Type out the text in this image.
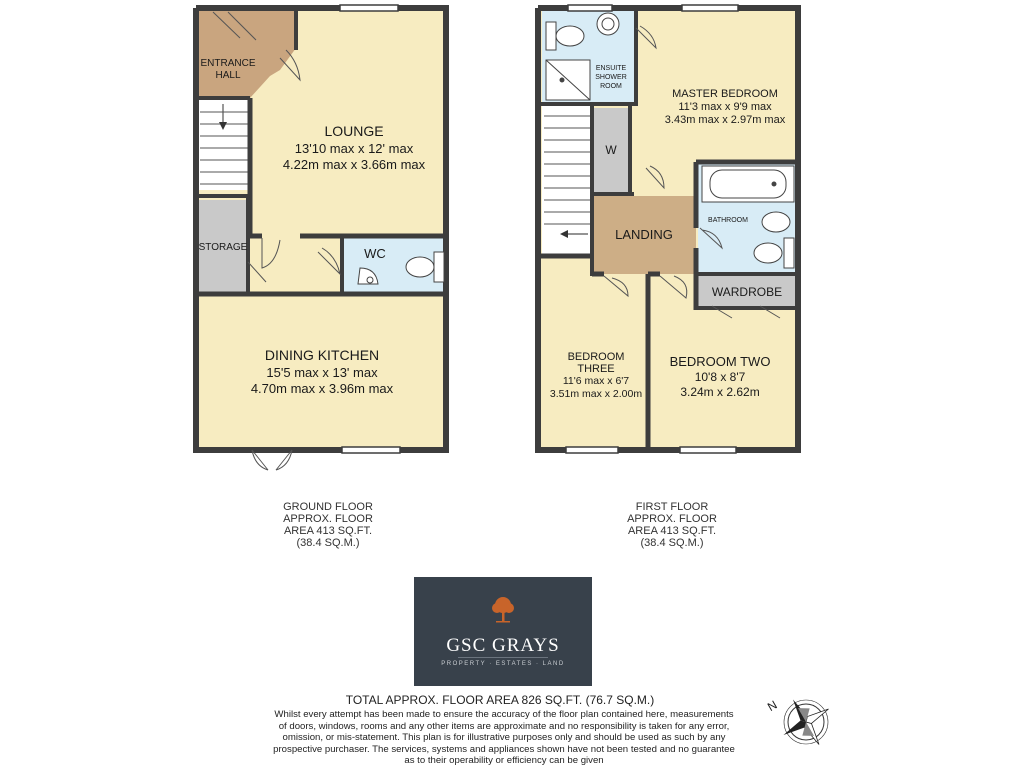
ENTRANCE
HALL
LOUNGE
13'10 max x 12' max
4.22m max x 3.66m max
STORAGE	WC
DINING KITCHEN
15'5 max x 13' max
4.70m max x 3.96m max
ENSUITE
SHOWER
ROOM
MASTER BEDROOM
11'3 max x 9'9 max
3.43m max x 2.97m max
W
LANDING
BATHROOM
WARDROBE
BEDROOM
THREE
11'6 max x 6'7
3.51m max x 2.00m
BEDROOM TWO
10'8 x 8'7
3.24m x 2.62m
N
GROUND FLOOR
APPROX. FLOOR
AREA 413 SQ.FT.
(38.4 SQ.M.)
FIRST FLOOR
APPROX. FLOOR
AREA 413 SQ.FT.
(38.4 SQ.M.)
GSC GRAYS
PROPERTY · ESTATES · LAND
TOTAL APPROX. FLOOR AREA 826 SQ.FT. (76.7 SQ.M.)
Whilst every attempt has been made to ensure the accuracy of the floor plan contained here, measurements
of doors, windows, rooms and any other items are approximate and no responsibility is taken for any error,
omission, or mis-statement. This plan is for illustrative purposes only and should be used as such by any
prospective purchaser. The services, systems and appliances shown have not been tested and no guarantee
as to their operability or efficiency can be given
